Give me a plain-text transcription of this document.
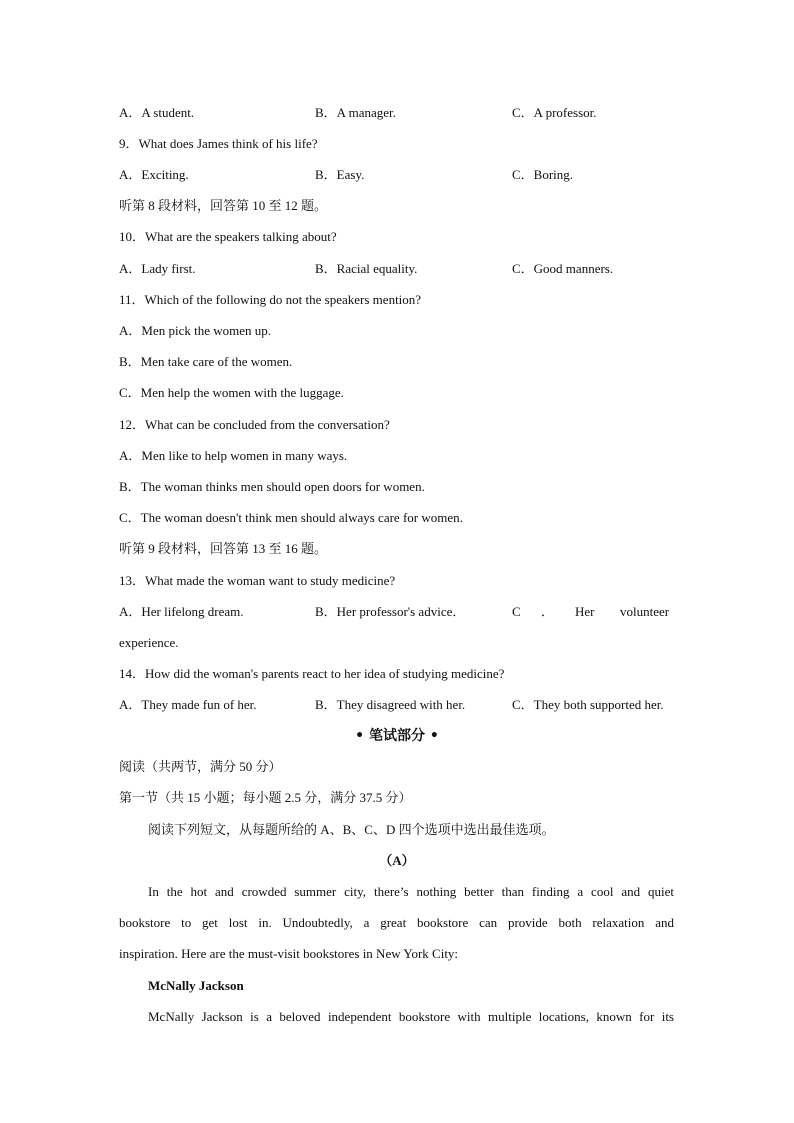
A．A student.	B．A manager.	C．A professor.
9．What does James think of his life?
A．Exciting.	B．Easy.	C．Boring.
听第 8 段材料，回答第 10 至 12 题。
10．What are the speakers talking about?
A．Lady first.	B．Racial equality.	C．Good manners.
11．Which of the following do not the speakers mention?
A．Men pick the women up.
B．Men take care of the women.
C．Men help the women with the luggage.
12．What can be concluded from the conversation?
A．Men like to help women in many ways.
B．The woman thinks men should open doors for women.
C．The woman doesn't think men should always care for women.
听第 9 段材料，回答第 13 至 16 题。
13．What made the woman want to study medicine?
A．Her lifelong dream.	B．Her professor's advice．	C ． Her volunteer
experience.
14．How did the woman's parents react to her idea of studying medicine?
A．They made fun of her.	B．They disagreed with her.	C．They both supported her.
• 笔试部分 •
阅读（共两节，满分 50 分）
第一节（共 15 小题；每小题 2.5 分，满分 37.5 分）
阅读下列短文，从每题所给的 A、B、C、D 四个选项中选出最佳选项。
（A）
In the hot and crowded summer city, there’s nothing better than finding a cool and quiet
bookstore to get lost in. Undoubtedly, a great bookstore can provide both relaxation and
inspiration. Here are the must-visit bookstores in New York City:
McNally Jackson
McNally Jackson is a beloved independent bookstore with multiple locations, known for its
